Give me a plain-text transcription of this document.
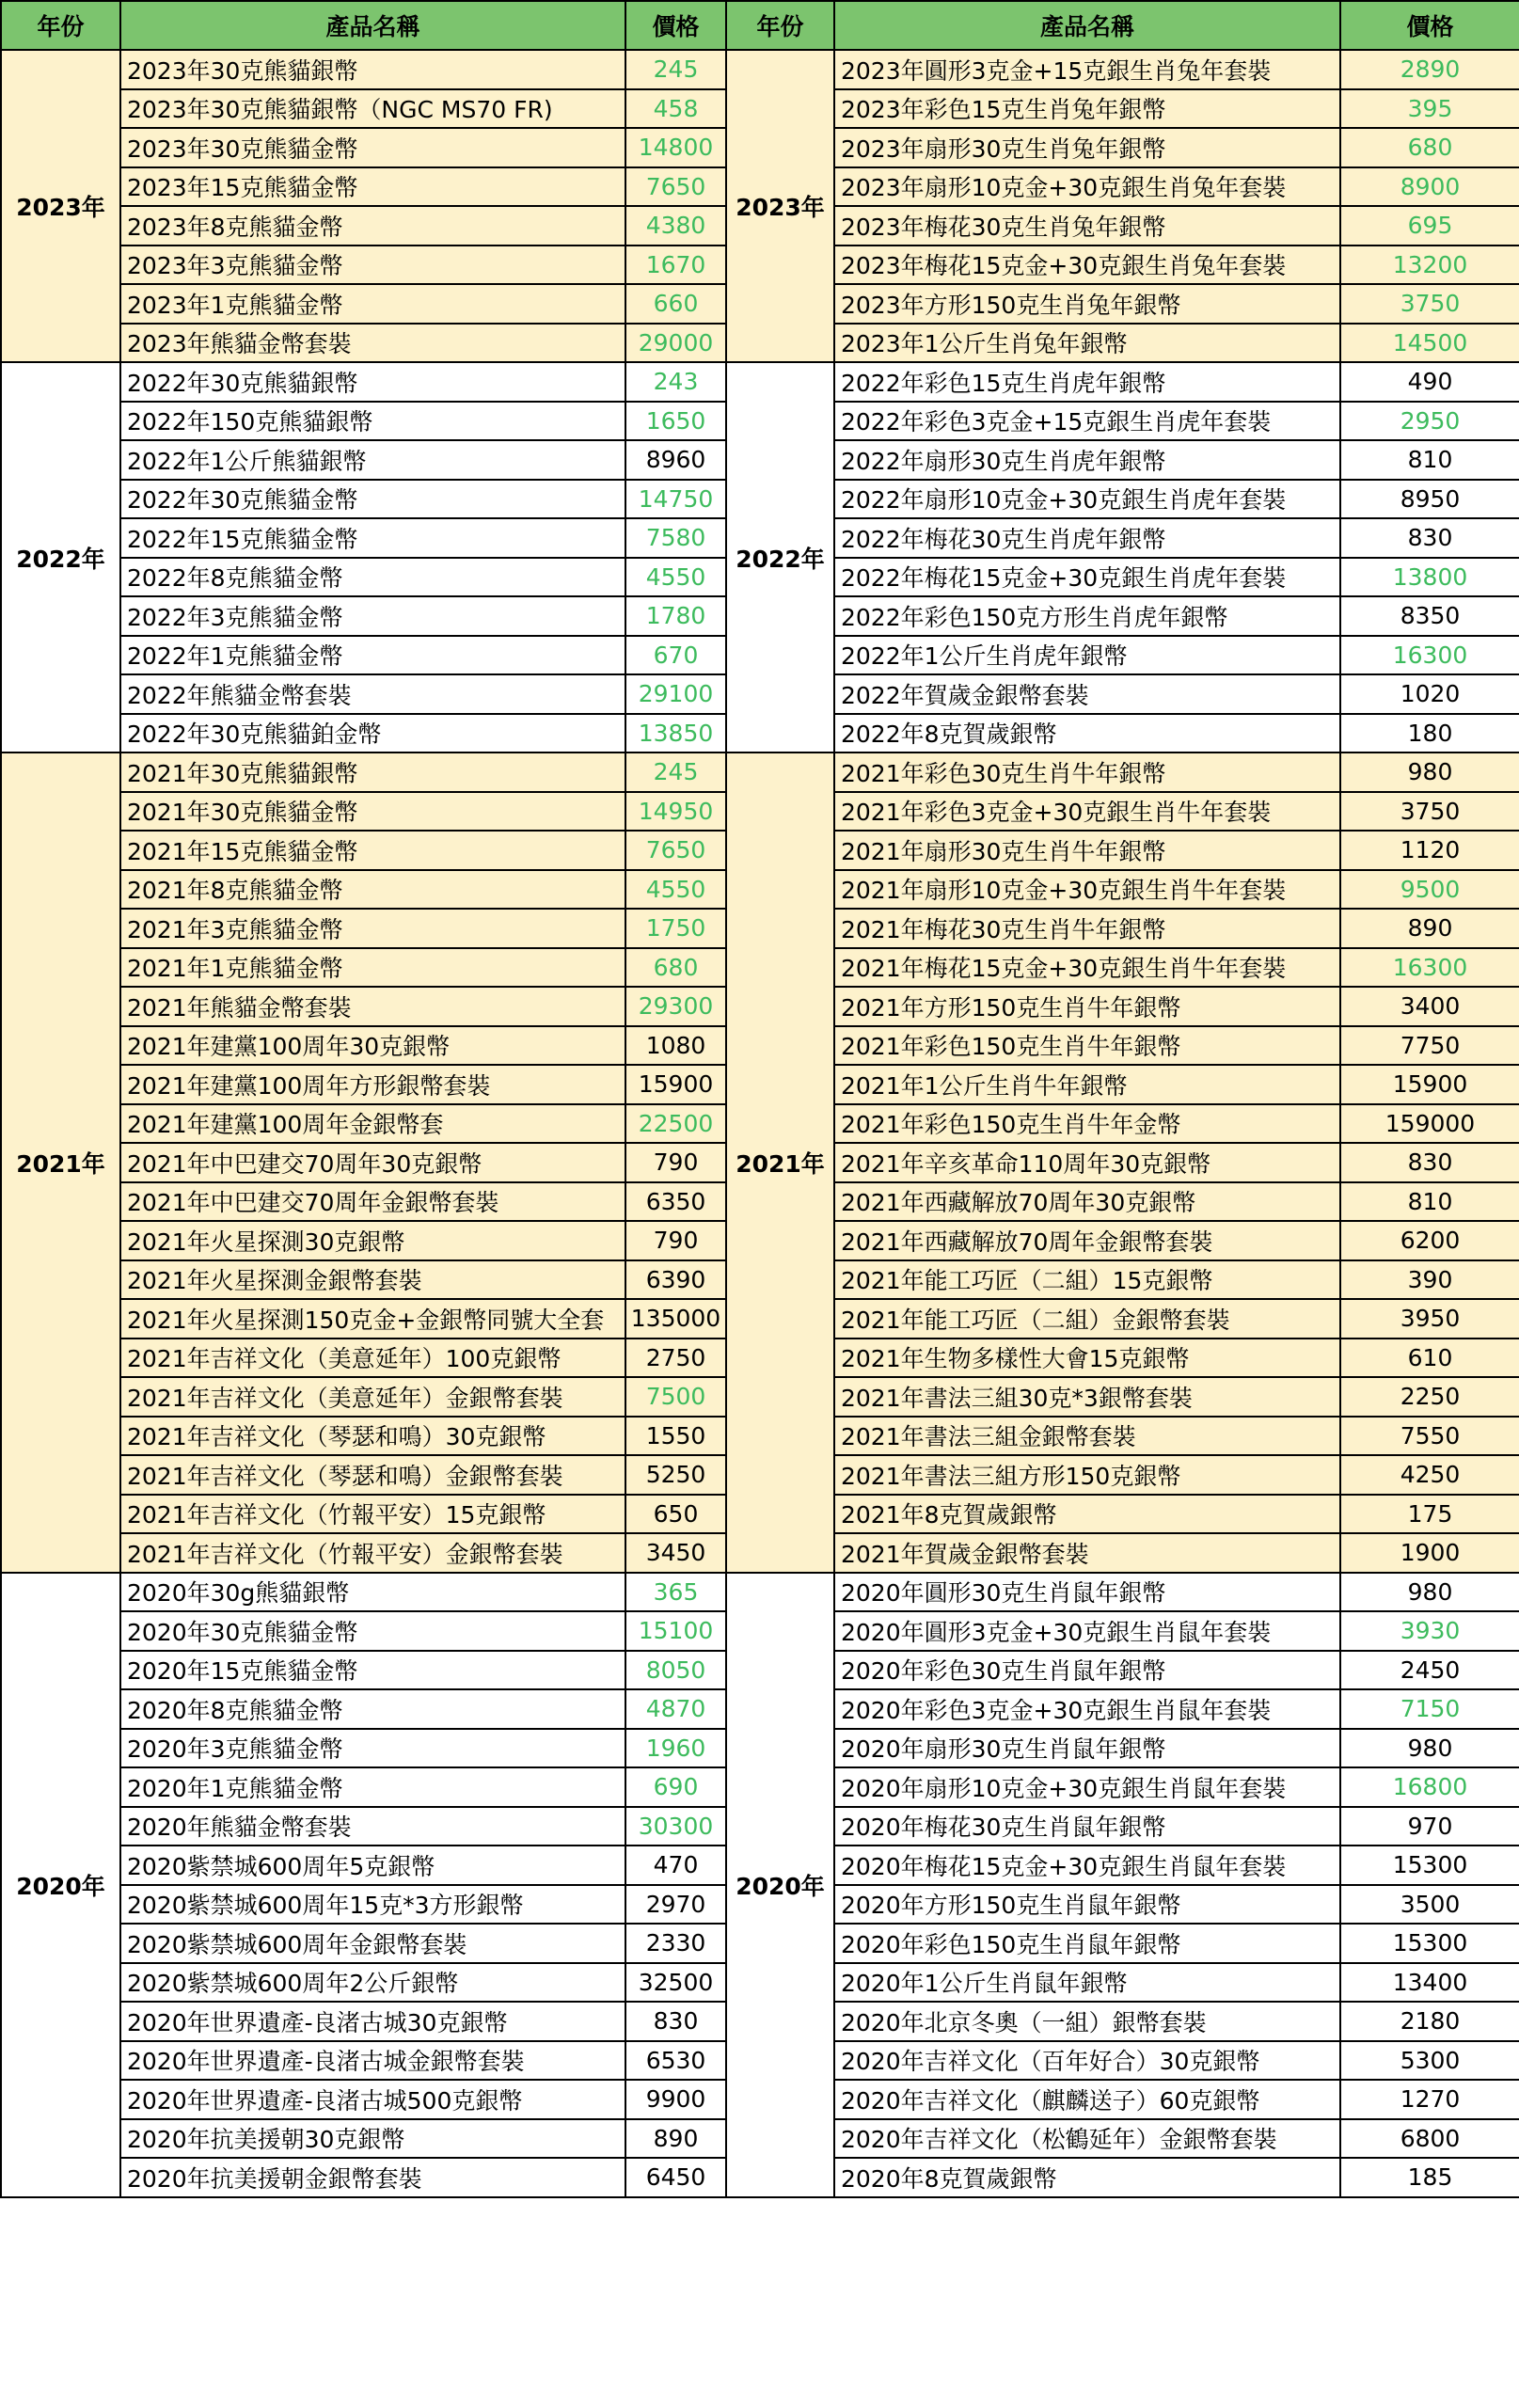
年份	產品名稱	價格	年份	產品名稱	價格
2023年	2023年30克熊貓銀幣	245	2023年	2023年圓形3克金+15克銀生肖兔年套裝	2890
	2023年30克熊貓銀幣（NGC MS70 FR)	458		2023年彩色15克生肖兔年銀幣	395
	2023年30克熊貓金幣	14800		2023年扇形30克生肖兔年銀幣	680
	2023年15克熊貓金幣	7650		2023年扇形10克金+30克銀生肖兔年套裝	8900
	2023年8克熊貓金幣	4380		2023年梅花30克生肖兔年銀幣	695
	2023年3克熊貓金幣	1670		2023年梅花15克金+30克銀生肖兔年套裝	13200
	2023年1克熊貓金幣	660		2023年方形150克生肖兔年銀幣	3750
	2023年熊貓金幣套裝	29000		2023年1公斤生肖兔年銀幣	14500
2022年	2022年30克熊貓銀幣	243	2022年	2022年彩色15克生肖虎年銀幣	490
	2022年150克熊貓銀幣	1650		2022年彩色3克金+15克銀生肖虎年套裝	2950
	2022年1公斤熊貓銀幣	8960		2022年扇形30克生肖虎年銀幣	810
	2022年30克熊貓金幣	14750		2022年扇形10克金+30克銀生肖虎年套裝	8950
	2022年15克熊貓金幣	7580		2022年梅花30克生肖虎年銀幣	830
	2022年8克熊貓金幣	4550		2022年梅花15克金+30克銀生肖虎年套裝	13800
	2022年3克熊貓金幣	1780		2022年彩色150克方形生肖虎年銀幣	8350
	2022年1克熊貓金幣	670		2022年1公斤生肖虎年銀幣	16300
	2022年熊貓金幣套裝	29100		2022年賀歲金銀幣套裝	1020
	2022年30克熊貓鉑金幣	13850		2022年8克賀歲銀幣	180
2021年	2021年30克熊貓銀幣	245	2021年	2021年彩色30克生肖牛年銀幣	980
	2021年30克熊貓金幣	14950		2021年彩色3克金+30克銀生肖牛年套裝	3750
	2021年15克熊貓金幣	7650		2021年扇形30克生肖牛年銀幣	1120
	2021年8克熊貓金幣	4550		2021年扇形10克金+30克銀生肖牛年套裝	9500
	2021年3克熊貓金幣	1750		2021年梅花30克生肖牛年銀幣	890
	2021年1克熊貓金幣	680		2021年梅花15克金+30克銀生肖牛年套裝	16300
	2021年熊貓金幣套裝	29300		2021年方形150克生肖牛年銀幣	3400
	2021年建黨100周年30克銀幣	1080		2021年彩色150克生肖牛年銀幣	7750
	2021年建黨100周年方形銀幣套裝	15900		2021年1公斤生肖牛年銀幣	15900
	2021年建黨100周年金銀幣套	22500		2021年彩色150克生肖牛年金幣	159000
	2021年中巴建交70周年30克銀幣	790		2021年辛亥革命110周年30克銀幣	830
	2021年中巴建交70周年金銀幣套裝	6350		2021年西藏解放70周年30克銀幣	810
	2021年火星探測30克銀幣	790		2021年西藏解放70周年金銀幣套裝	6200
	2021年火星探測金銀幣套裝	6390		2021年能工巧匠（二組）15克銀幣	390
	2021年火星探測150克金+金銀幣同號大全套	135000		2021年能工巧匠（二組）金銀幣套裝	3950
	2021年吉祥文化（美意延年）100克銀幣	2750		2021年生物多樣性大會15克銀幣	610
	2021年吉祥文化（美意延年）金銀幣套裝	7500		2021年書法三組30克*3銀幣套裝	2250
	2021年吉祥文化（琴瑟和鳴）30克銀幣	1550		2021年書法三組金銀幣套裝	7550
	2021年吉祥文化（琴瑟和鳴）金銀幣套裝	5250		2021年書法三組方形150克銀幣	4250
	2021年吉祥文化（竹報平安）15克銀幣	650		2021年8克賀歲銀幣	175
	2021年吉祥文化（竹報平安）金銀幣套裝	3450		2021年賀歲金銀幣套裝	1900
2020年	2020年30g熊貓銀幣	365	2020年	2020年圓形30克生肖鼠年銀幣	980
	2020年30克熊貓金幣	15100		2020年圓形3克金+30克銀生肖鼠年套裝	3930
	2020年15克熊貓金幣	8050		2020年彩色30克生肖鼠年銀幣	2450
	2020年8克熊貓金幣	4870		2020年彩色3克金+30克銀生肖鼠年套裝	7150
	2020年3克熊貓金幣	1960		2020年扇形30克生肖鼠年銀幣	980
	2020年1克熊貓金幣	690		2020年扇形10克金+30克銀生肖鼠年套裝	16800
	2020年熊貓金幣套裝	30300		2020年梅花30克生肖鼠年銀幣	970
	2020紫禁城600周年5克銀幣	470		2020年梅花15克金+30克銀生肖鼠年套裝	15300
	2020紫禁城600周年15克*3方形銀幣	2970		2020年方形150克生肖鼠年銀幣	3500
	2020紫禁城600周年金銀幣套裝	2330		2020年彩色150克生肖鼠年銀幣	15300
	2020紫禁城600周年2公斤銀幣	32500		2020年1公斤生肖鼠年銀幣	13400
	2020年世界遺產-良渚古城30克銀幣	830		2020年北京冬奧（一組）銀幣套裝	2180
	2020年世界遺產-良渚古城金銀幣套裝	6530		2020年吉祥文化（百年好合）30克銀幣	5300
	2020年世界遺產-良渚古城500克銀幣	9900		2020年吉祥文化（麒麟送子）60克銀幣	1270
	2020年抗美援朝30克銀幣	890		2020年吉祥文化（松鶴延年）金銀幣套裝	6800
	2020年抗美援朝金銀幣套裝	6450		2020年8克賀歲銀幣	185
